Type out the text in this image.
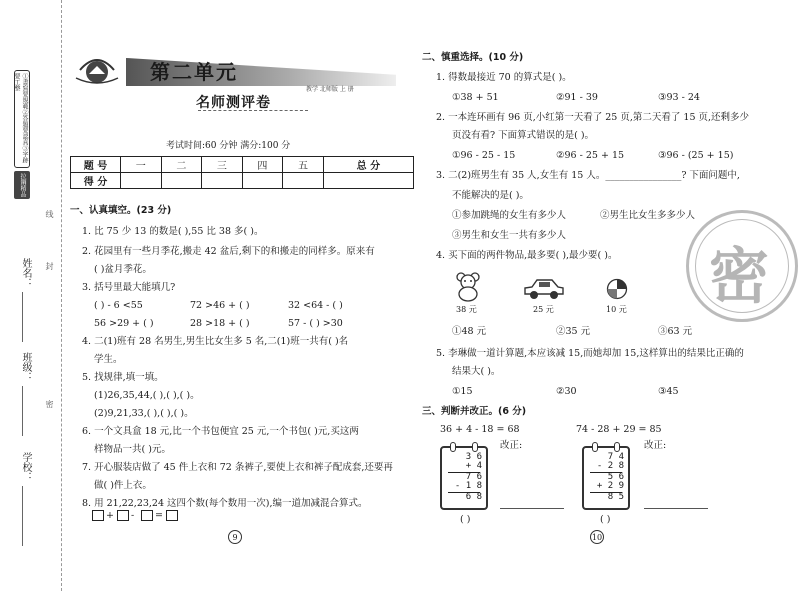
①書寫要規範②答題要認真③字跡要工整
拉鋼精品
线
姓名： 封
班级：
密
学校：
第二单元
教学 北师版 上 册
名师测评卷
考试时间:60 分钟 满分:100 分
题 号	一	二	三	四	五	总 分
得 分						
一、认真填空。(23 分)
1. 比 75 少 13 的数是( ),55 比 38 多( )。
2. 花园里有一些月季花,搬走 42 盆后,剩下的和搬走的同样多。原来有
( )盆月季花。
3. 括号里最大能填几?
( ) - 6 <55	72 >46 + ( )	32 <64 - ( )
56 >29 + ( )	28 >18 + ( )	57 - ( ) >30
4. 二(1)班有 28 名男生,男生比女生多 5 名,二(1)班一共有( )名
学生。
5. 找规律,填一填。
(1)26,35,44,( ),( ),( )。
(2)9,21,33,( ),( ),( )。
6. 一个文具盒 18 元,比一个书包便宜 25 元,一个书包( )元,买这两
样物品一共( )元。
7. 开心服装店做了 45 件上衣和 72 条裤子,要使上衣和裤子配成套,还要再
做( )件上衣。
8. 用 21,22,23,24 这四个数(每个数用一次),编一道加减混合算式。
+ - =
9
二、慎重选择。(10 分)
1. 得数最接近 70 的算式是( )。
①38 + 51	②91 - 39	③93 - 24
2. 一本连环画有 96 页,小红第一天看了 25 页,第二天看了 15 页,还剩多少
页没有看? 下面算式错误的是( )。
①96 - 25 - 15	②96 - 25 + 15	③96 - (25 + 15)
3. 二(2)班男生有 35 人,女生有 15 人。________________? 下面问题中,
不能解决的是( )。
①参加跳绳的女生有多少人	②男生比女生多多少人
③男生和女生一共有多少人
4. 买下面的两件物品,最多要( ),最少要( )。
38 元	25 元	10 元
①48 元	②35 元	③63 元
5. 李琳做一道计算题,本应该减 15,而她却加 15,这样算出的结果比正确的
结果大( )。
①15	②30	③45
三、判断并改正。(6 分)
36 + 4 - 18 = 68	74 - 28 + 29 = 85
改正:	改正:
3 6
+ 4
7 6
- 1 8
6 8
( )
7 4
- 2 8
5 6
+ 2 9
8 5
( )
10
密
